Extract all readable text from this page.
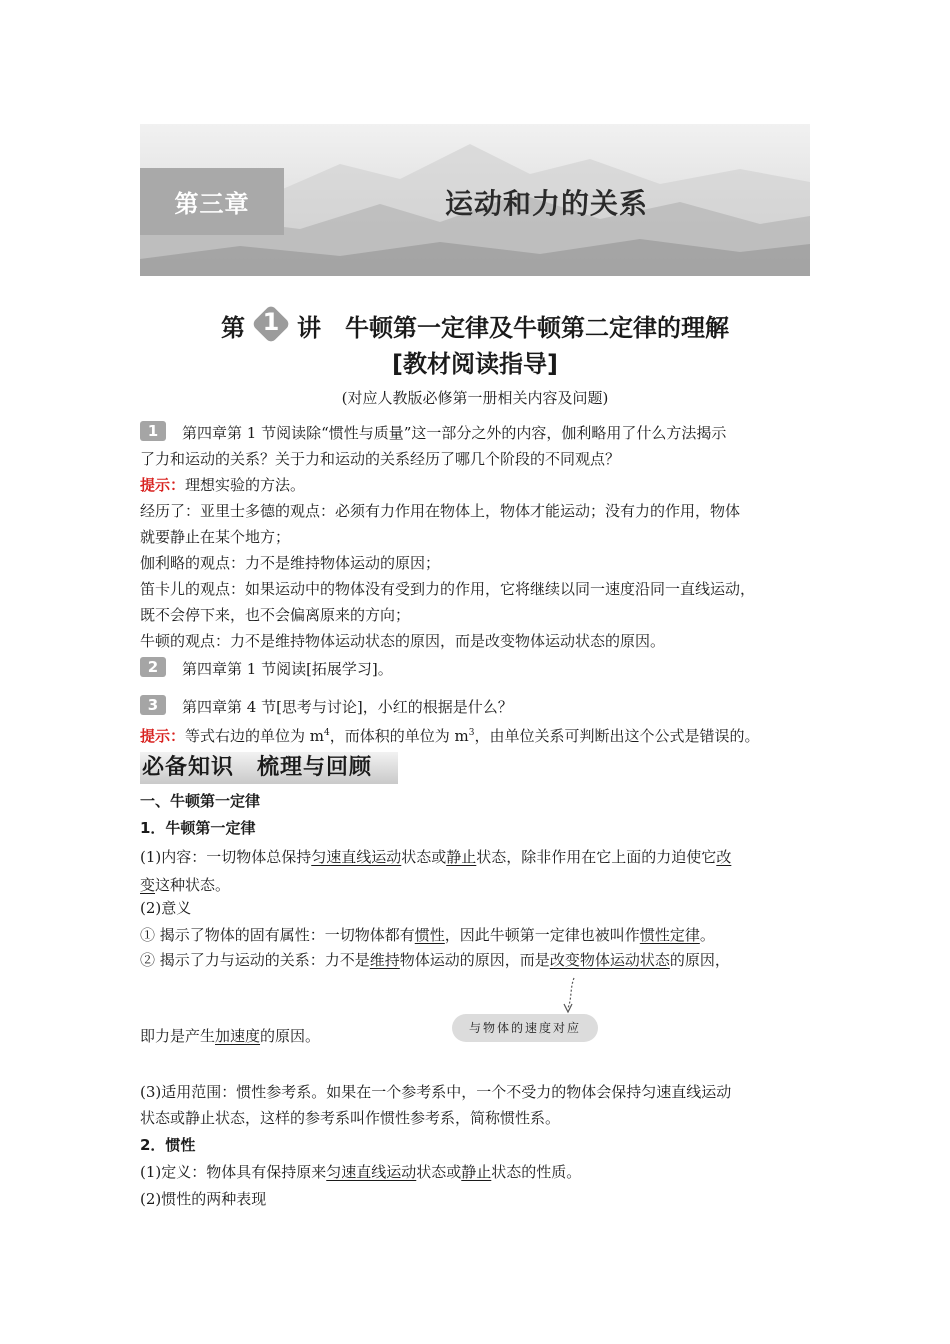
第三章	运动和力的关系
第 1 讲　牛顿第一定律及牛顿第二定律的理解
[教材阅读指导]
(对应人教版必修第一册相关内容及问题)
1 第四章第 1 节阅读除“惯性与质量”这一部分之外的内容，伽利略用了什么方法揭示
了力和运动的关系？关于力和运动的关系经历了哪几个阶段的不同观点？
提示：理想实验的方法。
经历了：亚里士多德的观点：必须有力作用在物体上，物体才能运动；没有力的作用，物体
就要静止在某个地方；
伽利略的观点：力不是维持物体运动的原因；
笛卡儿的观点：如果运动中的物体没有受到力的作用，它将继续以同一速度沿同一直线运动，
既不会停下来，也不会偏离原来的方向；
牛顿的观点：力不是维持物体运动状态的原因，而是改变物体运动状态的原因。
2 第四章第 1 节阅读[拓展学习]。
3 第四章第 4 节[思考与讨论]，小红的根据是什么？
提示：等式右边的单位为 $m^4$，而体积的单位为 $m^3$，由单位关系可判断出这个公式是错误的。
必备知识　梳理与回顾
一、牛顿第一定律
1．牛顿第一定律
(1)内容：一切物体总保持匀速直线运动状态或静止状态，除非作用在它上面的力迫使它改
变这种状态。
(2)意义
① 揭示了物体的固有属性：一切物体都有惯性，因此牛顿第一定律也被叫作惯性定律。
② 揭示了力与运动的关系：力不是维持物体运动的原因，而是改变物体运动状态的原因，
与物体的速度对应
即力是产生加速度的原因。
(3)适用范围：惯性参考系。如果在一个参考系中，一个不受力的物体会保持匀速直线运动
状态或静止状态，这样的参考系叫作惯性参考系，简称惯性系。
2．惯性
(1)定义：物体具有保持原来匀速直线运动状态或静止状态的性质。
(2)惯性的两种表现
